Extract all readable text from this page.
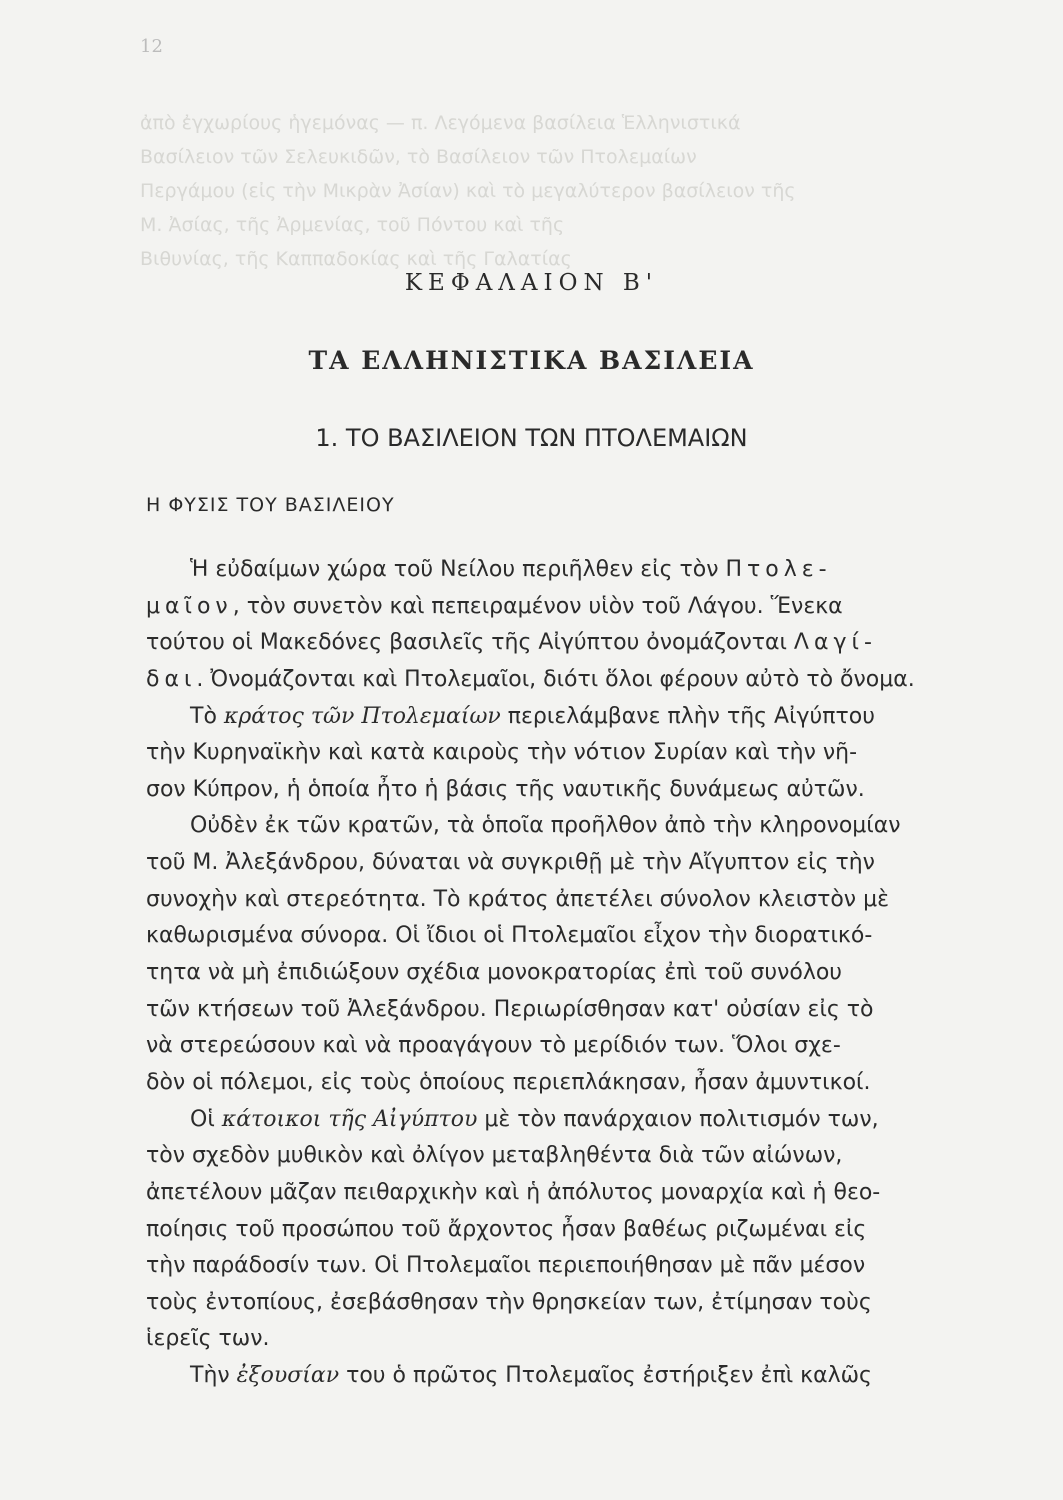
12
ἀπὸ ἐγχωρίους ἡγεμόνας — π. Λεγόμενα βασίλεια Ἑλληνιστικά
Βασίλειον τῶν Σελευκιδῶν, τὸ Βασίλειον τῶν Πτολεμαίων
Περγάμου (εἰς τὴν Μικρὰν Ἀσίαν) καὶ τὸ μεγαλύτερον βασίλειον τῆς
Μ. Ἀσίας, τῆς Ἀρμενίας, τοῦ Πόντου καὶ τῆς
Βιθυνίας, τῆς Καππαδοκίας καὶ τῆς Γαλατίας
ΚΕΦΑΛΑΙΟΝ Β'
ΤΑ ΕΛΛΗΝΙΣΤΙΚΑ ΒΑΣΙΛΕΙΑ
1. ΤΟ ΒΑΣΙΛΕΙΟΝ ΤΩΝ ΠΤΟΛΕΜΑΙΩΝ
Η ΦΥΣΙΣ ΤΟΥ ΒΑΣΙΛΕΙΟΥ
Ἡ εὐδαίμων χώρα τοῦ Νείλου περιῆλθεν εἰς τὸν Πτολε-
μαῖον, τὸν συνετὸν καὶ πεπειραμένον υἱὸν τοῦ Λάγου. Ἕνεκα
τούτου οἱ Μακεδόνες βασιλεῖς τῆς Αἰγύπτου ὀνομάζονται Λαγί-
δαι. Ὀνομάζονται καὶ Πτολεμαῖοι, διότι ὅλοι φέρουν αὐτὸ τὸ ὄνομα.
Τὸ κράτος τῶν Πτολεμαίων περιελάμβανε πλὴν τῆς Αἰγύπτου
τὴν Κυρηναϊκὴν καὶ κατὰ καιροὺς τὴν νότιον Συρίαν καὶ τὴν νῆ-
σον Κύπρον, ἡ ὁποία ἦτο ἡ βάσις τῆς ναυτικῆς δυνάμεως αὐτῶν.
Οὐδὲν ἐκ τῶν κρατῶν, τὰ ὁποῖα προῆλθον ἀπὸ τὴν κληρονομίαν
τοῦ Μ. Ἀλεξάνδρου, δύναται νὰ συγκριθῇ μὲ τὴν Αἴγυπτον εἰς τὴν
συνοχὴν καὶ στερεότητα. Τὸ κράτος ἀπετέλει σύνολον κλειστὸν μὲ
καθωρισμένα σύνορα. Οἱ ἴδιοι οἱ Πτολεμαῖοι εἶχον τὴν διορατικό-
τητα νὰ μὴ ἐπιδιώξουν σχέδια μονοκρατορίας ἐπὶ τοῦ συνόλου
τῶν κτήσεων τοῦ Ἀλεξάνδρου. Περιωρίσθησαν κατ' οὐσίαν εἰς τὸ
νὰ στερεώσουν καὶ νὰ προαγάγουν τὸ μερίδιόν των. Ὅλοι σχε-
δὸν οἱ πόλεμοι, εἰς τοὺς ὁποίους περιεπλάκησαν, ἦσαν ἀμυντικοί.
Οἱ κάτοικοι τῆς Αἰγύπτου μὲ τὸν πανάρχαιον πολιτισμόν των,
τὸν σχεδὸν μυθικὸν καὶ ὀλίγον μεταβληθέντα διὰ τῶν αἰώνων,
ἀπετέλουν μᾶζαν πειθαρχικὴν καὶ ἡ ἀπόλυτος μοναρχία καὶ ἡ θεο-
ποίησις τοῦ προσώπου τοῦ ἄρχοντος ἦσαν βαθέως ριζωμέναι εἰς
τὴν παράδοσίν των. Οἱ Πτολεμαῖοι περιεποιήθησαν μὲ πᾶν μέσον
τοὺς ἐντοπίους, ἐσεβάσθησαν τὴν θρησκείαν των, ἐτίμησαν τοὺς
ἱερεῖς των.
Τὴν ἐξουσίαν του ὁ πρῶτος Πτολεμαῖος ἐστήριξεν ἐπὶ καλῶς
